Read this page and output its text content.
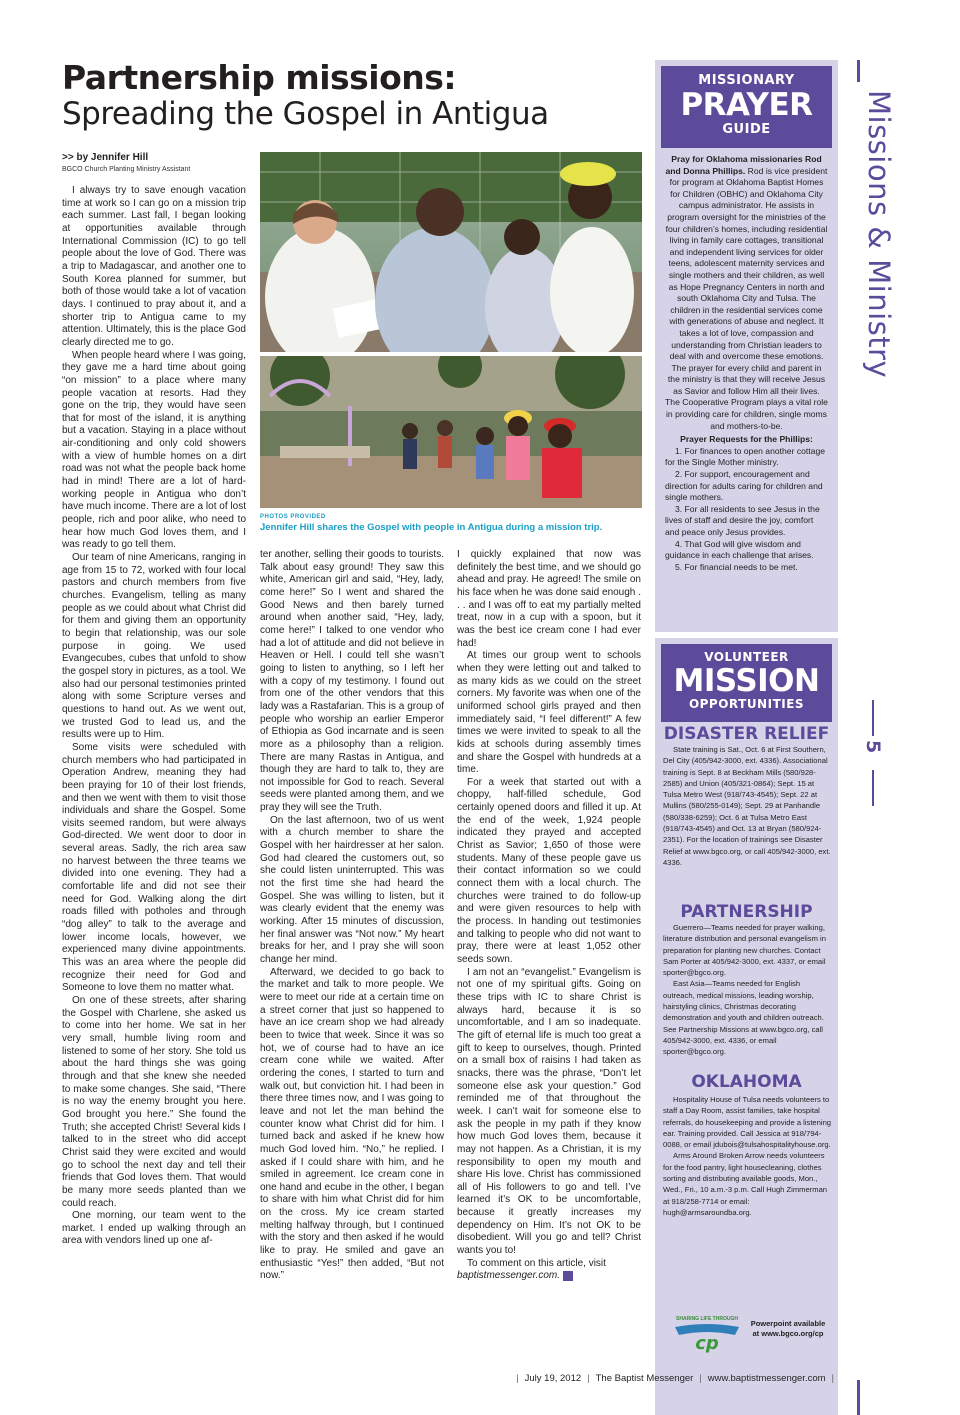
Partnership missions:
Spreading the Gospel in Antigua
>> by Jennifer Hill
BGCO Church Planting Ministry Assistant

I always try to save enough vacation time at work so I can go on a mission trip each summer. Last fall, I began looking at opportunities available through International Commission (IC) to go tell people about the love of God. There was a trip to Madagascar, and another one to South Korea planned for summer, but both of those would take a lot of vacation days. I continued to pray about it, and a shorter trip to Antigua came to my attention. Ultimately, this is the place God clearly directed me to go.

When people heard where I was going, they gave me a hard time about going “on mission” to a place where many people vacation at resorts. Had they gone on the trip, they would have seen that for most of the island, it is anything but a vacation. Staying in a place without air-conditioning and only cold showers with a view of humble homes on a dirt road was not what the people back home had in mind! There are a lot of hard-working people in Antigua who don’t have much income. There are a lot of lost people, rich and poor alike, who need to hear how much God loves them, and I was ready to go tell them.

Our team of nine Americans, ranging in age from 15 to 72, worked with four local pastors and church members from five churches. Evangelism, telling as many people as we could about what Christ did for them and giving them an opportunity to begin that relationship, was our sole purpose in going. We used Evangecubes, cubes that unfold to show the gospel story in pictures, as a tool. We also had our personal testimonies printed along with some Scripture verses and questions to hand out. As we went out, we trusted God to lead us, and the results were up to Him.

Some visits were scheduled with church members who had participated in Operation Andrew, meaning they had been praying for 10 of their lost friends, and then we went with them to visit those individuals and share the Gospel. Some visits seemed random, but were always God-directed. We went door to door in several areas. Sadly, the rich area saw no harvest between the three teams we divided into one evening. They had a comfortable life and did not see their need for God. Walking along the dirt roads filled with potholes and through “dog alley” to talk to the average and lower income locals, however, we experienced many divine appointments. This was an area where the people did recognize their need for God and Someone to love them no matter what.

On one of these streets, after sharing the Gospel with Charlene, she asked us to come into her home. We sat in her very small, humble living room and listened to some of her story. She told us about the hard things she was going through and that she knew she needed to make some changes. She said, “There is no way the enemy brought you here. God brought you here.” She found the Truth; she accepted Christ! Several kids I talked to in the street who did accept Christ said they were excited and would go to school the next day and tell their friends that God loves them. That would be many more seeds planted than we could reach.

One morning, our team went to the market. I ended up walking through an area with vendors lined up one af-

PHOTOS PROVIDED
Jennifer Hill shares the Gospel with people in Antigua during a mission trip.

ter another, selling their goods to tourists. Talk about easy ground! They saw this white, American girl and said, “Hey, lady, come here!” So I went and shared the Good News and then barely turned around when another said, “Hey, lady, come here!” I talked to one vendor who had a lot of attitude and did not believe in Heaven or Hell. I could tell she wasn’t going to listen to anything, so I left her with a copy of my testimony. I found out from one of the other vendors that this lady was a Rastafarian. This is a group of people who worship an earlier Emperor of Ethiopia as God incarnate and is seen more as a philosophy than a religion. There are many Rastas in Antigua, and though they are hard to talk to, they are not impossible for God to reach. Several seeds were planted among them, and we pray they will see the Truth.

On the last afternoon, two of us went with a church member to share the Gospel with her hairdresser at her salon. God had cleared the customers out, so she could listen uninterrupted. This was not the first time she had heard the Gospel. She was willing to listen, but it was clearly evident that the enemy was working. After 15 minutes of discussion, her final answer was “Not now.” My heart breaks for her, and I pray she will soon change her mind.

Afterward, we decided to go back to the market and talk to more people. We were to meet our ride at a certain time on a street corner that just so happened to have an ice cream shop we had already been to twice that week. Since it was so hot, we of course had to have an ice cream cone while we waited. After ordering the cones, I started to turn and walk out, but conviction hit. I had been in there three times now, and I was going to leave and not let the man behind the counter know what Christ did for him. I turned back and asked if he knew how much God loved him. “No,” he replied. I asked if I could share with him, and he smiled in agreement. Ice cream cone in one hand and ecube in the other, I began to share with him what Christ did for him on the cross. My ice cream started melting halfway through, but I continued with the story and then asked if he would like to pray. He smiled and gave an enthusiastic “Yes!” then added, “But not now.”

I quickly explained that now was definitely the best time, and we should go ahead and pray. He agreed! The smile on his face when he was done said enough . . . and I was off to eat my partially melted treat, now in a cup with a spoon, but it was the best ice cream cone I had ever had!

At times our group went to schools when they were letting out and talked to as many kids as we could on the street corners. My favorite was when one of the uniformed school girls prayed and then immediately said, “I feel different!” A few times we were invited to speak to all the kids at schools during assembly times and share the Gospel with hundreds at a time.

For a week that started out with a choppy, half-filled schedule, God certainly opened doors and filled it up. At the end of the week, 1,924 people indicated they prayed and accepted Christ as Savior; 1,650 of those were students. Many of these people gave us their contact information so we could connect them with a local church. The churches were trained to do follow-up and were given resources to help with the process. In handing out testimonies and talking to people who did not want to pray, there were at least 1,052 other seeds sown.

I am not an “evangelist.” Evangelism is not one of my spiritual gifts. Going on these trips with IC to share Christ is always hard, because it is so uncomfortable, and I am so inadequate. The gift of eternal life is much too great a gift to keep to ourselves, though. Printed on a small box of raisins I had taken as snacks, there was the phrase, “Don’t let someone else ask your question.” God reminded me of that throughout the week. I can’t wait for someone else to ask the people in my path if they know how much God loves them, because it may not happen. As a Christian, it is my responsibility to open my mouth and share His love. Christ has commissioned all of His followers to go and tell. I’ve learned it’s OK to be uncomfortable, because it greatly increases my dependency on Him. It’s not OK to be disobedient. Will you go and tell? Christ wants you to!

To comment on this article, visit
baptistmessenger.com. m

MISSIONARY
PRAYER
GUIDE
Pray for Oklahoma missionaries Rod and Donna Phillips. Rod is vice president for program at Oklahoma Baptist Homes for Children (OBHC) and Oklahoma City campus administrator. He assists in program oversight for the ministries of the four children’s homes, including residential living in family care cottages, transitional and independent living services for older teens, adolescent maternity services and single mothers and their children, as well as Hope Pregnancy Centers in north and south Oklahoma City and Tulsa. The children in the residential services come with generations of abuse and neglect. It takes a lot of love, compassion and understanding from Christian leaders to deal with and overcome these emotions. The prayer for every child and parent in the ministry is that they will receive Jesus as Savior and follow Him all their lives. The Cooperative Program plays a vital role in providing care for children, single moms and mothers-to-be.
Prayer Requests for the Phillips:
1. For finances to open another cottage for the Single Mother ministry.
2. For support, encouragement and direction for adults caring for children and single mothers.
3. For all residents to see Jesus in the lives of staff and desire the joy, comfort and peace only Jesus provides.
4. That God will give wisdom and guidance in each challenge that arises.
5. For financial needs to be met.
VOLUNTEER
MISSION
OPPORTUNITIES
DISASTER RELIEF

State training is Sat., Oct. 6 at First Southern, Del City (405/942-3000, ext. 4336). Associational training is Sept. 8 at Beckham Mills (580/928-2585) and Union (405/321-0864); Sept. 15 at Tulsa Metro West (918/743-4545); Sept. 22 at Mullins (580/255-0149); Sept. 29 at Panhandle (580/338-6259); Oct. 6 at Tulsa Metro East (918/743-4545) and Oct. 13 at Bryan (580/924-2351). For the location of trainings see Disaster Relief at www.bgco.org, or call 405/942-3000, ext. 4336.

PARTNERSHIP

Guerrero—Teams needed for prayer walking, literature distribution and personal evangelism in preparation for planting new churches. Contact Sam Porter at 405/942-3000, ext. 4337, or email sporter@bgco.org.

East Asia—Teams needed for English outreach, medical missions, leading worship, hairstyling clinics, Christmas decorating demonstration and youth and children outreach. See Partnership Missions at www.bgco.org, call 405/942-3000, ext. 4336, or email sporter@bgco.org.

OKLAHOMA

Hospitality House of Tulsa needs volunteers to staff a Day Room, assist families, take hospital referrals, do housekeeping and provide a listening ear. Training provided. Call Jessica at 918/794-0088, or email jdubois@tulsahospitalityhouse.org.

Arms Around Broken Arrow needs volunteers for the food pantry, light housecleaning, clothes sorting and distributing available goods, Mon., Wed., Fri., 10 a.m.-3 p.m. Call Hugh Zimmerman at 918/258-7714 or email: hugh@armsaroundba.org.

SHARING LIFE THROUGH
cp
Powerpoint available at www.bgco.org/cp
Missions & Ministry
5
| July 19, 2012 | The Baptist Messenger | www.baptistmessenger.com |
